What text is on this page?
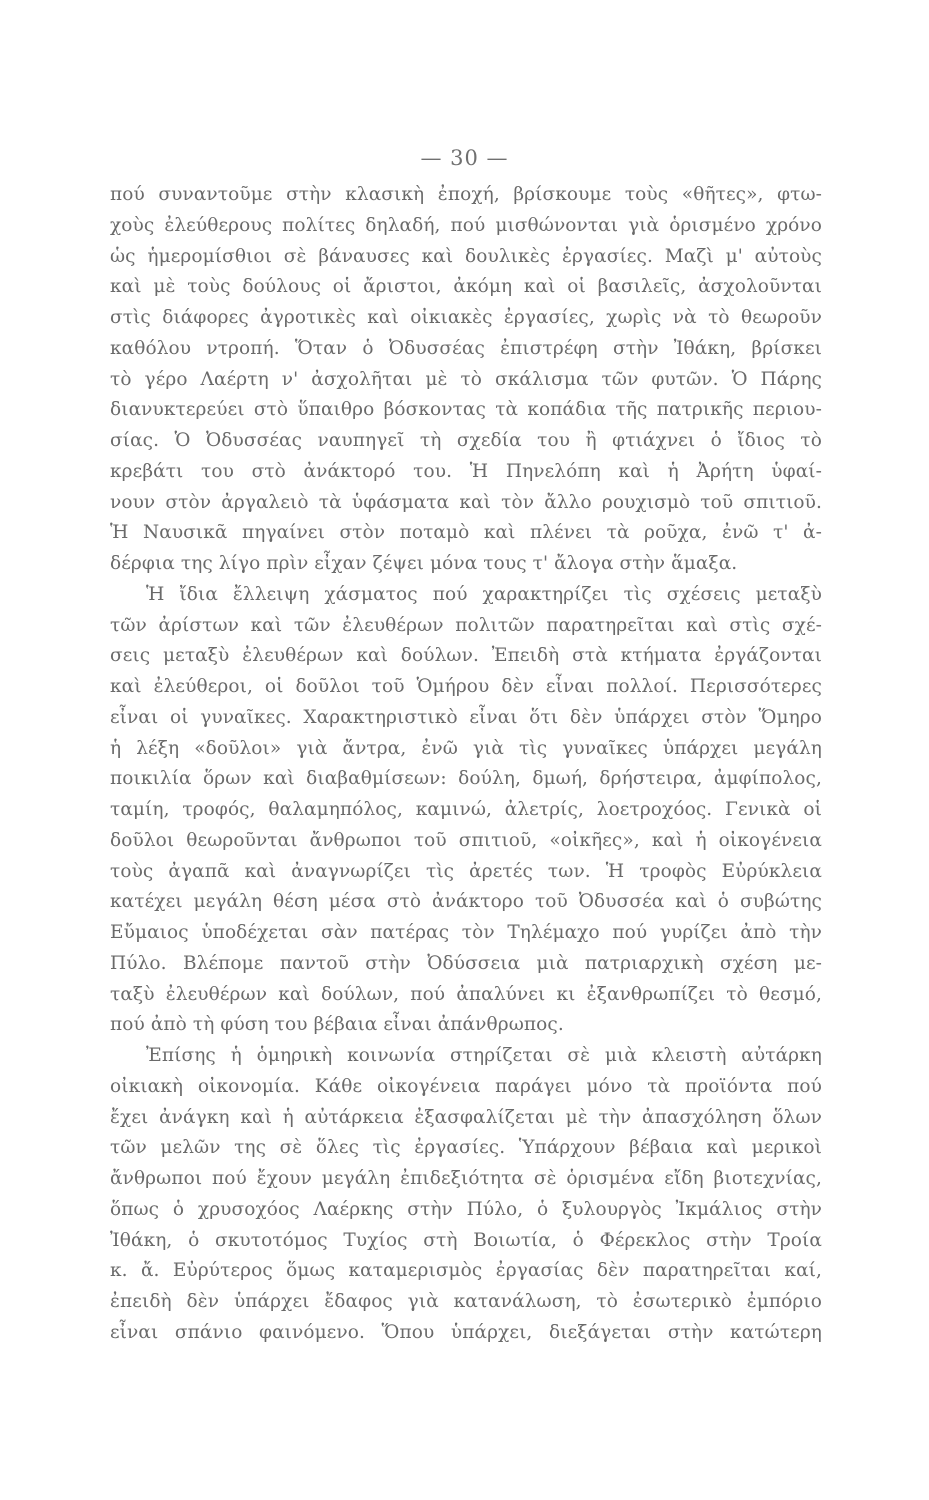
— 30 —
πού συναντοῦμε στὴν κλασικὴ ἐποχή, βρίσκουμε τοὺς «θῆτες», φτω-
χοὺς ἐλεύθερους πολίτες δηλαδή, πού μισθώνονται γιὰ ὁρισμένο χρόνο
ὡς ἡμερομίσθιοι σὲ βάναυσες καὶ δουλικὲς ἐργασίες. Μαζὶ μ' αὐτοὺς
καὶ μὲ τοὺς δούλους οἱ ἄριστοι, ἀκόμη καὶ οἱ βασιλεῖς, ἀσχολοῦνται
στὶς διάφορες ἀγροτικὲς καὶ οἰκιακὲς ἐργασίες, χωρὶς νὰ τὸ θεωροῦν
καθόλου ντροπή. Ὅταν ὁ Ὀδυσσέας ἐπιστρέφη στὴν Ἰθάκη, βρίσκει
τὸ γέρο Λαέρτη ν' ἀσχολῆται μὲ τὸ σκάλισμα τῶν φυτῶν. Ὁ Πάρης
διανυκτερεύει στὸ ὕπαιθρο βόσκοντας τὰ κοπάδια τῆς πατρικῆς περιου-
σίας. Ὁ Ὀδυσσέας ναυπηγεῖ τὴ σχεδία του ἢ φτιάχνει ὁ ἴδιος τὸ
κρεβάτι του στὸ ἀνάκτορό του. Ἡ Πηνελόπη καὶ ἡ Ἀρήτη ὑφαί-
νουν στὸν ἀργαλειὸ τὰ ὑφάσματα καὶ τὸν ἄλλο ρουχισμὸ τοῦ σπιτιοῦ.
Ἡ Ναυσικᾶ πηγαίνει στὸν ποταμὸ καὶ πλένει τὰ ροῦχα, ἐνῶ τ' ἀ-
δέρφια της λίγο πρὶν εἶχαν ζέψει μόνα τους τ' ἄλογα στὴν ἅμαξα.
Ἡ ἴδια ἔλλειψη χάσματος πού χαρακτηρίζει τὶς σχέσεις μεταξὺ
τῶν ἀρίστων καὶ τῶν ἐλευθέρων πολιτῶν παρατηρεῖται καὶ στὶς σχέ-
σεις μεταξὺ ἐλευθέρων καὶ δούλων. Ἐπειδὴ στὰ κτήματα ἐργάζονται
καὶ ἐλεύθεροι, οἱ δοῦλοι τοῦ Ὁμήρου δὲν εἶναι πολλοί. Περισσότερες
εἶναι οἱ γυναῖκες. Χαρακτηριστικὸ εἶναι ὅτι δὲν ὑπάρχει στὸν Ὅμηρο
ἡ λέξη «δοῦλοι» γιὰ ἄντρα, ἐνῶ γιὰ τὶς γυναῖκες ὑπάρχει μεγάλη
ποικιλία ὅρων καὶ διαβαθμίσεων: δούλη, δμωή, δρήστειρα, ἀμφίπολος,
ταμίη, τροφός, θαλαμηπόλος, καμινώ, ἀλετρίς, λοετροχόος. Γενικὰ οἱ
δοῦλοι θεωροῦνται ἄνθρωποι τοῦ σπιτιοῦ, «οἰκῆες», καὶ ἡ οἰκογένεια
τοὺς ἀγαπᾶ καὶ ἀναγνωρίζει τὶς ἀρετές των. Ἡ τροφὸς Εὐρύκλεια
κατέχει μεγάλη θέση μέσα στὸ ἀνάκτορο τοῦ Ὀδυσσέα καὶ ὁ συβώτης
Εὔμαιος ὑποδέχεται σὰν πατέρας τὸν Τηλέμαχο πού γυρίζει ἀπὸ τὴν
Πύλο. Βλέπομε παντοῦ στὴν Ὀδύσσεια μιὰ πατριαρχικὴ σχέση με-
ταξὺ ἐλευθέρων καὶ δούλων, πού ἀπαλύνει κι ἐξανθρωπίζει τὸ θεσμό,
πού ἀπὸ τὴ φύση του βέβαια εἶναι ἀπάνθρωπος.
Ἐπίσης ἡ ὁμηρικὴ κοινωνία στηρίζεται σὲ μιὰ κλειστὴ αὐτάρκη
οἰκιακὴ οἰκονομία. Κάθε οἰκογένεια παράγει μόνο τὰ προϊόντα πού
ἔχει ἀνάγκη καὶ ἡ αὐτάρκεια ἐξασφαλίζεται μὲ τὴν ἀπασχόληση ὅλων
τῶν μελῶν της σὲ ὅλες τὶς ἐργασίες. Ὑπάρχουν βέβαια καὶ μερικοὶ
ἄνθρωποι πού ἔχουν μεγάλη ἐπιδεξιότητα σὲ ὁρισμένα εἴδη βιοτεχνίας,
ὅπως ὁ χρυσοχόος Λαέρκης στὴν Πύλο, ὁ ξυλουργὸς Ἰκμάλιος στὴν
Ἰθάκη, ὁ σκυτοτόμος Τυχίος στὴ Βοιωτία, ὁ Φέρεκλος στὴν Τροία
κ. ἄ. Εὐρύτερος ὅμως καταμερισμὸς ἐργασίας δὲν παρατηρεῖται καί,
ἐπειδὴ δὲν ὑπάρχει ἔδαφος γιὰ κατανάλωση, τὸ ἐσωτερικὸ ἐμπόριο
εἶναι σπάνιο φαινόμενο. Ὅπου ὑπάρχει, διεξάγεται στὴν κατώτερη
